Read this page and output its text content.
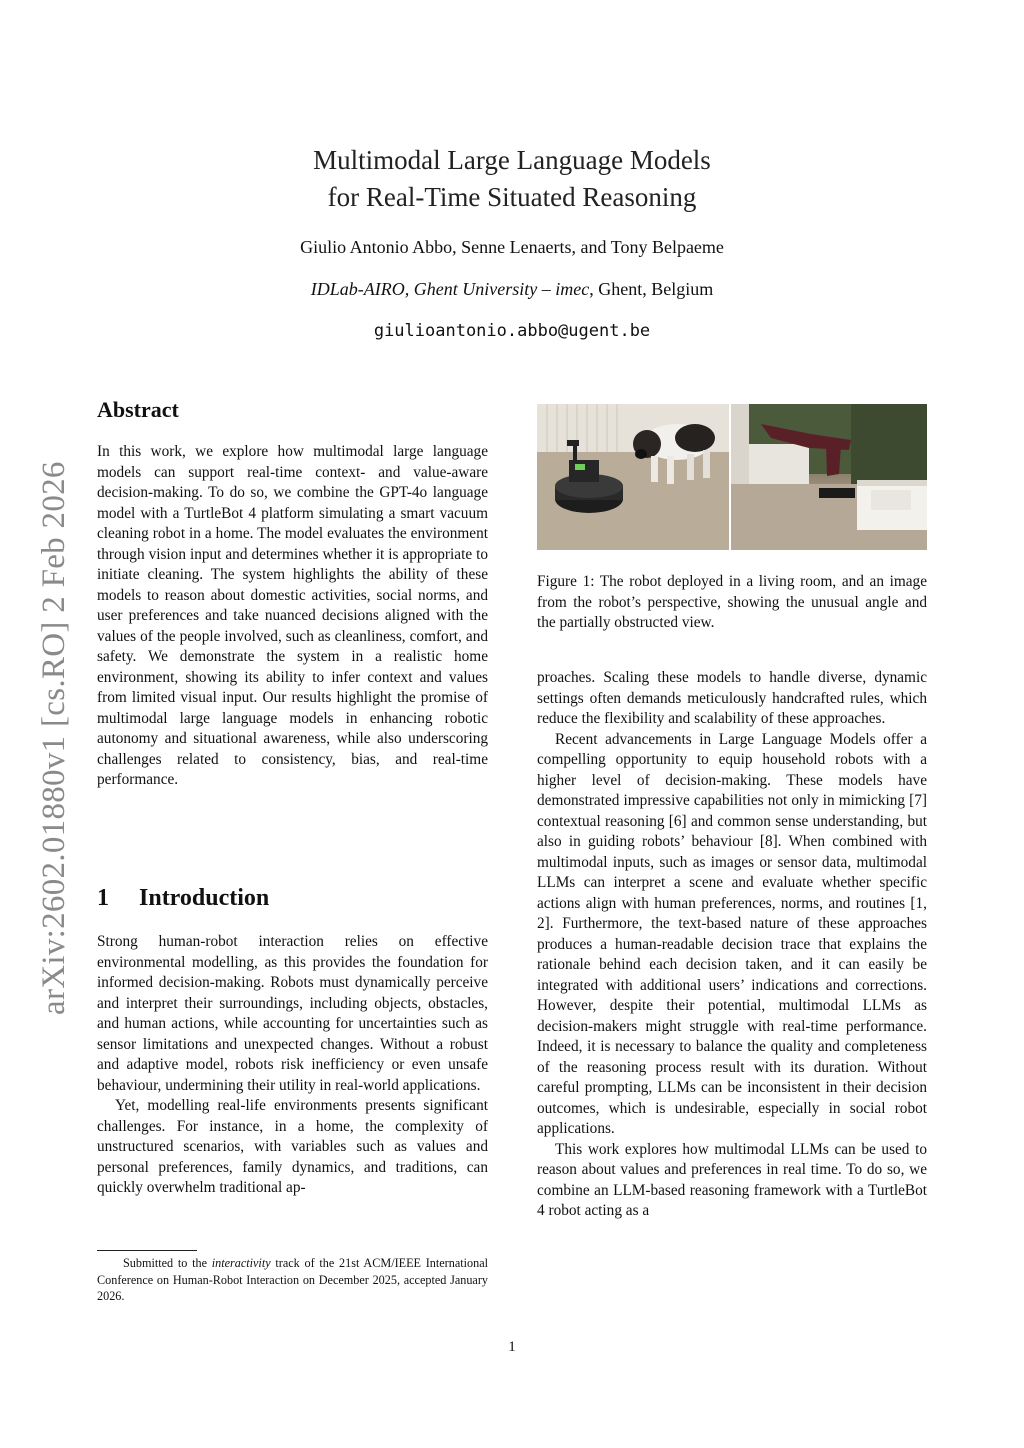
arXiv:2602.01880v1 [cs.RO] 2 Feb 2026
Multimodal Large Language Models
for Real-Time Situated Reasoning
Giulio Antonio Abbo, Senne Lenaerts, and Tony Belpaeme
IDLab-AIRO, Ghent University – imec, Ghent, Belgium
giulioantonio.abbo@ugent.be
Abstract

In this work, we explore how multimodal large language models can support real-time context- and value-aware decision-making. To do so, we combine the GPT-4o language model with a TurtleBot 4 platform simulating a smart vacuum cleaning robot in a home. The model evaluates the environment through vision input and determines whether it is appropriate to initiate cleaning. The system highlights the ability of these models to reason about domestic activities, social norms, and user preferences and take nuanced decisions aligned with the values of the people involved, such as cleanliness, comfort, and safety. We demonstrate the system in a realistic home environment, showing its ability to infer context and values from limited visual input. Our results highlight the promise of multimodal large language models in enhancing robotic autonomy and situational awareness, while also underscoring challenges related to consistency, bias, and real-time performance.

1 Introduction

Strong human-robot interaction relies on effective environmental modelling, as this provides the foundation for informed decision-making. Robots must dynamically perceive and interpret their surroundings, including objects, obstacles, and human actions, while accounting for uncertainties such as sensor limitations and unexpected changes. Without a robust and adaptive model, robots risk inefficiency or even unsafe behaviour, undermining their utility in real-world applications.

Yet, modelling real-life environments presents significant challenges. For instance, in a home, the complexity of unstructured scenarios, with variables such as values and personal preferences, family dynamics, and traditions, can quickly overwhelm traditional ap-

Submitted to the interactivity track of the 21st ACM/IEEE International Conference on Human-Robot Interaction on December 2025, accepted January 2026.
Figure 1: The robot deployed in a living room, and an image from the robot’s perspective, showing the unusual angle and the partially obstructed view.

proaches. Scaling these models to handle diverse, dynamic settings often demands meticulously handcrafted rules, which reduce the flexibility and scalability of these approaches.

Recent advancements in Large Language Models offer a compelling opportunity to equip household robots with a higher level of decision-making. These models have demonstrated impressive capabilities not only in mimicking [7] contextual reasoning [6] and common sense understanding, but also in guiding robots’ behaviour [8]. When combined with multimodal inputs, such as images or sensor data, multimodal LLMs can interpret a scene and evaluate whether specific actions align with human preferences, norms, and routines [1, 2]. Furthermore, the text-based nature of these approaches produces a human-readable decision trace that explains the rationale behind each decision taken, and it can easily be integrated with additional users’ indications and corrections. However, despite their potential, multimodal LLMs as decision-makers might struggle with real-time performance. Indeed, it is necessary to balance the quality and completeness of the reasoning process result with its duration. Without careful prompting, LLMs can be inconsistent in their decision outcomes, which is undesirable, especially in social robot applications.

This work explores how multimodal LLMs can be used to reason about values and preferences in real time. To do so, we combine an LLM-based reasoning framework with a TurtleBot 4 robot acting as a

1
